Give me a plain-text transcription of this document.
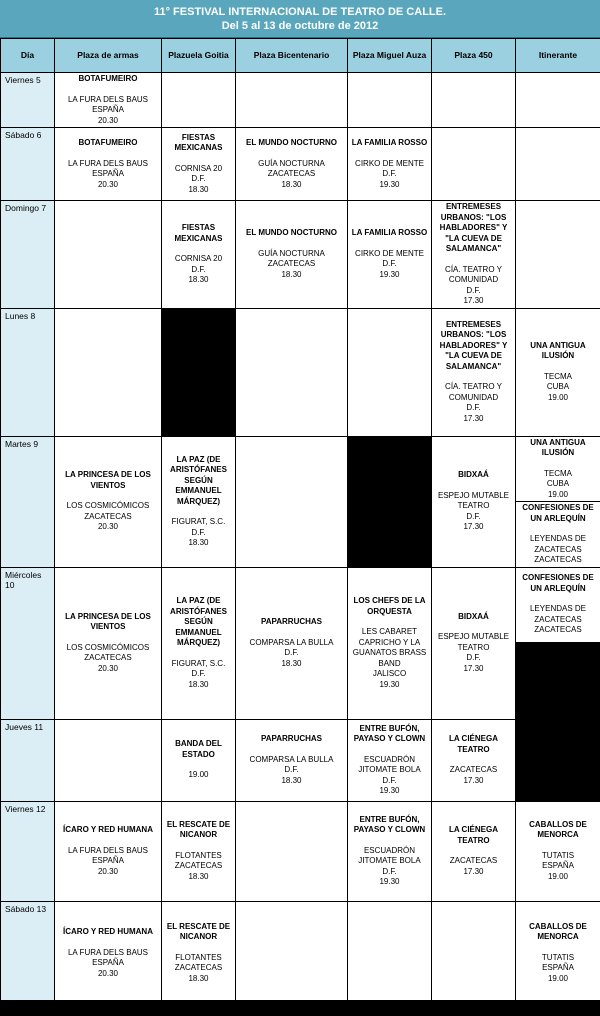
11° FESTIVAL INTERNACIONAL DE TEATRO DE CALLE.
Del 5 al 13 de octubre de 2012
Día	Plaza de armas	Plazuela Goitia	Plaza Bicentenario	Plaza Miguel Auza	Plaza 450	Itinerante
Viernes 5	BOTAFUMEIRO
LA FURA DELS BAUS
ESPAÑA
20.30					

Sábado 6	BOTAFUMEIRO
LA FURA DELS BAUS
ESPAÑA
20.30	FIESTAS MEXICANAS
CORNISA 20
D.F.
18.30	EL MUNDO NOCTURNO
GUÍA NOCTURNA
ZACATECAS
18.30	LA FAMILIA ROSSO
CIRKO DE MENTE
D.F.
19.30		

Domingo 7		FIESTAS MEXICANAS
CORNISA 20
D.F.
18.30	EL MUNDO NOCTURNO
GUÍA NOCTURNA
ZACATECAS
18.30	LA FAMILIA ROSSO
CIRKO DE MENTE
D.F.
19.30	ENTREMESES URBANOS: "LOS HABLADORES" Y "LA CUEVA DE SALAMANCA"
CÍA. TEATRO Y COMUNIDAD
D.F.
17.30	

Lunes 8					ENTREMESES URBANOS: "LOS HABLADORES" Y "LA CUEVA DE SALAMANCA"
CÍA. TEATRO Y COMUNIDAD
D.F.
17.30	UNA ANTIGUA ILUSIÓN
TECMA
CUBA
19.00

Martes 9	LA PRINCESA DE LOS VIENTOS
LOS COSMICÓMICOS
ZACATECAS
20.30	LA PAZ (DE ARISTÓFANES SEGÚN EMMANUEL MÁRQUEZ)
FIGURAT, S.C.
D.F.
18.30			BIDXAÁ
ESPEJO MUTABLE TEATRO
D.F.
17.30	UNA ANTIGUA ILUSIÓN
TECMA
CUBA
19.00

						CONFESIONES DE UN ARLEQUÍN
LEYENDAS DE ZACATECAS
ZACATECAS

Miércoles 10	LA PRINCESA DE LOS VIENTOS
LOS COSMICÓMICOS
ZACATECAS
20.30	LA PAZ (DE ARISTÓFANES SEGÚN EMMANUEL MÁRQUEZ)
FIGURAT, S.C.
D.F.
18.30	PAPARRUCHAS
COMPARSA LA BULLA
D.F.
18.30	LOS CHEFS DE LA ORQUESTA
LES CABARET CAPRICHO Y LA GUANATOS BRASS BAND
JALISCO
19.30	BIDXAÁ
ESPEJO MUTABLE TEATRO
D.F.
17.30	CONFESIONES DE UN ARLEQUÍN
LEYENDAS DE ZACATECAS
ZACATECAS

Jueves 11		BANDA DEL ESTADO
19.00	PAPARRUCHAS
COMPARSA LA BULLA
D.F.
18.30	ENTRE BUFÓN, PAYASO Y CLOWN
ESCUADRÓN JITOMATE BOLA
D.F.
19.30	LA CIÉNEGA TEATRO
ZACATECAS
17.30	

Viernes 12	ÍCARO Y RED HUMANA
LA FURA DELS BAUS
ESPAÑA
20.30	EL RESCATE DE NICANOR
FLOTANTES
ZACATECAS
18.30		ENTRE BUFÓN, PAYASO Y CLOWN
ESCUADRÓN JITOMATE BOLA
D.F.
19.30	LA CIÉNEGA TEATRO
ZACATECAS
17.30	CABALLOS DE MENORCA
TUTATIS
ESPAÑA
19.00

Sábado 13	ÍCARO Y RED HUMANA
LA FURA DELS BAUS
ESPAÑA
20.30	EL RESCATE DE NICANOR
FLOTANTES
ZACATECAS
18.30				CABALLOS DE MENORCA
TUTATIS
ESPAÑA
19.00
